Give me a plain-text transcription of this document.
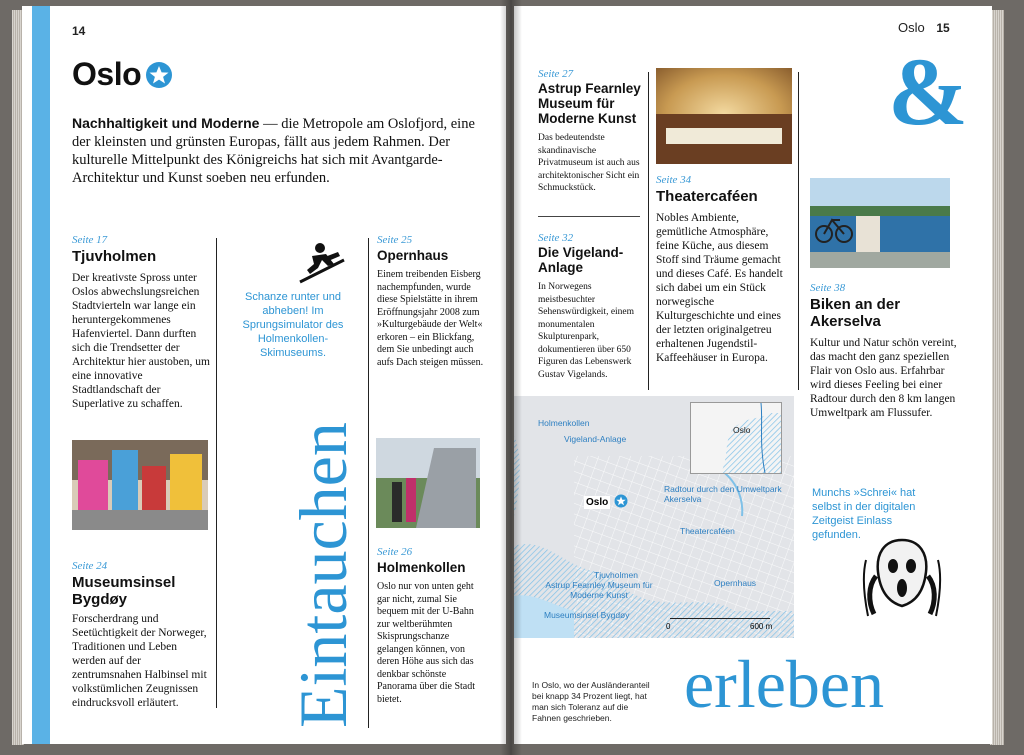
14
Oslo
Nachhaltigkeit und Moderne — die Metropole am Oslofjord, eine der kleinsten und grünsten Europas, fällt aus jedem Rahmen. Der kulturelle Mittelpunkt des Königreichs hat sich mit Avantgarde-Architektur und Kunst soeben neu erfunden.
Seite 17
Tjuvholmen
Der kreativste Spross unter Oslos abwechslungsreichen Stadtvierteln war lange ein heruntergekommenes Hafenviertel. Dann durften sich die Trendsetter der Architektur hier austoben, um eine innovative Stadtlandschaft der Superlative zu schaffen.
Seite 24
Museumsinsel Bygdøy
Forscherdrang und Seetüchtigkeit der Norweger, Traditionen und Leben werden auf der zentrumsnahen Halbinsel mit volkstümlichen Zeugnissen eindrucksvoll erläutert.
Schanze runter und abheben! Im Sprungsimulator des Holmenkollen-Skimuseums.
Eintauchen
Seite 25
Opernhaus
Einem treibenden Eisberg nachempfunden, wurde diese Spielstätte in ihrem Eröffnungsjahr 2008 zum »Kulturgebäude der Welt« erkoren – ein Blickfang, dem Sie unbedingt auch aufs Dach steigen müssen.
Seite 26
Holmenkollen
Oslo nur von unten geht gar nicht, zumal Sie bequem mit der U-Bahn zur weltberühmten Skisprungschanze gelangen können, von deren Höhe aus sich das denkbar schönste Panorama über die Stadt bietet.
Oslo 15
Seite 27
Astrup Fearnley Museum für Moderne Kunst
Das bedeutendste skandinavische Privatmuseum ist auch aus architektonischer Sicht ein Schmuckstück.
Seite 32
Die Vigeland-Anlage
In Norwegens meistbesuchter Sehenswürdigkeit, einem monumentalen Skulpturenpark, dokumentieren über 650 Figuren das Lebenswerk Gustav Vigelands.
Seite 34
Theatercaféen
Nobles Ambiente, gemütliche Atmosphäre, feine Küche, aus diesem Stoff sind Träume gemacht und dieses Café. Es handelt sich dabei um ein Stück norwegische Kulturgeschichte und eines der letzten originalgetreu erhaltenen Jugendstil-Kaffeehäuser in Europa.
&
Seite 38
Biken an der Akerselva
Kultur und Natur schön vereint, das macht den ganz speziellen Flair von Oslo aus. Erfahrbar wird dieses Feeling bei einer Radtour durch den 8 km langen Umweltpark am Flussufer.
Munchs »Schrei« hat selbst in der digitalen Zeitgeist Einlass gefunden.
Oslo
Holmenkollen
Vigeland-Anlage
Oslo
Radtour durch den Umweltpark Akerselva
Theatercaféen
Tjuvholmen
Astrup Fearnley Museum für Moderne Kunst
Opernhaus
Museumsinsel Bygdøy
0	600 m
In Oslo, wo der Ausländeranteil bei knapp 34 Prozent liegt, hat man sich Toleranz auf die Fahnen geschrieben.	erleben
